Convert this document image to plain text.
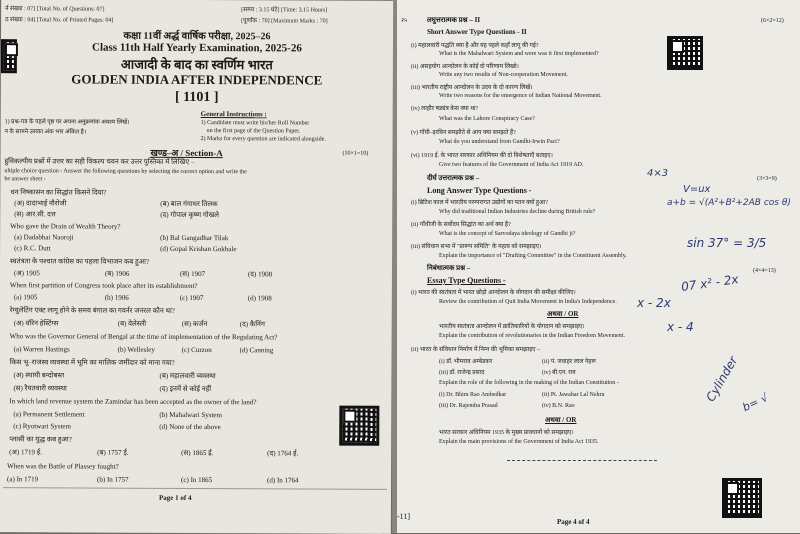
र्न संख्या : 07] [Total No. of Questions: 07]
ठ संख्या : 04] [Total No. of Printed Pages: 04]
[समय : 3.15 घंटे] [Time: 3.15 Hours]
[पूर्णांक : 70] [Maximum Marks : 70]
कक्षा 11वीं अर्द्ध वार्षिक परीक्षा, 2025–26
Class 11th Half Yearly Examination, 2025-26
आजादी के बाद का स्वर्णिम भारत
GOLDEN INDIA AFTER INDEPENDENCE
[ 1101 ]
1) प्रश्न-पत्र के पहले पृष्ठ पर अपना अनुक्रमांक अवश्य लिखें।
न के सामने उसका अंक भार अंकित है।
General Instructions :
1) Candidate must write his/her Roll Number
on the first page of the Question Paper.
2) Marks for every question are indicated alongside.
खण्ड–अ / Section-A	(10×1=10)
हुविकल्पीय प्रश्नों में उत्तर का सही विकल्प चयन कर उत्तर पुस्तिका में लिखिए –
ultiple choice question - Answer the following questions by selecting the correct option and write the
he answer sheet -
धन निष्कासन का सिद्धांत किसने दिया?
(अ) दादाभाई नौरोजी	(ब) बाल गंगाधर तिलक
(स) आर.सी. दत्त	(द) गोपाल कृष्ण गोखले
Who gave the Drain of Wealth Theory?
(a) Dadabhai Naoroji	(b) Bal Gangadhar Tilak
(c) R.C. Dutt	(d) Gopal Krishan Gokhale
स्वतंत्रता के पश्चात कांग्रेस का पहला विभाजन कब हुआ?
(अ) 1905	(ब) 1906	(स) 1907	(द) 1908
When first partition of Congress took place after its establishment?
(a) 1905	(b) 1906	(c) 1907	(d) 1908
रेग्युलेटिंग एक्ट लागू होने के समय बंगाल का गवर्नर जनरल कौन था?
(अ) वॉरेन हेस्टिंग्स	(ब) वेलेस्ली	(स) कर्जन	(द) कैनिंग
Who was the Governor General of Bengal at the time of implementation of the Regulating Act?
(a) Warren Hastings	(b) Wellesley	(c) Curzon	(d) Canning
किस भू–राजस्व व्यवस्था में भूमि का मालिक जमींदार को माना गया?
(अ) स्थायी बन्दोबस्त	(ब) महालवारी व्यवस्था
(स) रैयतवारी व्यवस्था	(द) इनमें से कोई नहीं
In which land revenue system the Zamindar has been accepted as the owner of the land?
(a) Permanent Settlement	(b) Mahalwari System
(c) Ryotwari System	(d) None of the above
प्लासी का युद्ध कब हुआ?
(अ) 1719 ई.	(ब) 1757 ई.	(स) 1865 ई.	(द) 1764 ई.
When was the Battle of Plassey fought?
(a) In 1719	(b) In 1757	(c) In 1865	(d) In 1764
Page 1 of 4
२५	लघुत्तरात्मक प्रश्न – II	(6×2=12)
Short Answer Type Questions - II
(i) महालवारी पद्धति क्या है और यह पहले कहाँ लागू की गई?
What is the Mahalwari System and were was it first implemented?
(ii) असहयोग आन्दोलन के कोई दो परिणाम लिखो।
Write any two results of Non-cooperation Movement.
(iii) भारतीय राष्ट्रीय आन्दोलन के उदय के दो कारण लिखें।
Write two reasons for the emergence of Indian National Movement.
(iv) लाहौर षड्यंत्र केस क्या था?
What was the Lahore Conspiracy Case?
(v) गाँधी–इरविन समझौते से आप क्या समझते हैं?
What do you understand from Gandhi-Irwin Pact?
(vi) 1919 ई. के भारत सरकार अधिनियम की दो विशेषताएँ बताइए।
Give two features of the Government of India Act 1919 AD.
दीर्घ उत्तरात्मक प्रश्न –	(3×3=9)
Long Answer Type Questions -
(i) ब्रिटिश काल में भारतीय परम्परागत उद्योगों का पतन क्यों हुआ?
Why did traditional Indian Industries decline during British rule?
(ii) गाँधीजी के सर्वोदय सिद्धांत का अर्थ क्या है?
What is the concept of Sarvodaya ideology of Gandhi ji?
(iii) संविधान सभा में "प्रारूप समिति" के महत्व को समझाइए।
Explain the importance of "Drafting Committee" in the Constituent Assembly.
निबंधात्मक प्रश्न –	(4×4=13)
Essay Type Questions -
(i) भारत की स्वतंत्रता में भारत छोड़ो आन्दोलन के योगदान की समीक्षा कीजिए।
Review the contribution of Quit India Movement in India's Independence.
अथवा / OR
भारतीय स्वतंत्रता आन्दोलन में क्रांतिकारियों के योगदान को समझाइए।
Explain the contribution of revolutionaries in the Indian Freedom Movement.
(ii) भारत के संविधान निर्माण में निम्न की भूमिका समझाइए –
(i) डॉ. भीमराव अम्बेडकर	(ii) पं. जवाहर लाल नेहरू
(iii) डॉ. राजेन्द्र प्रसाद	(iv) बी.एन. राव
Explain the role of the following in the making of the Indian Constitution -
(i) Dr. Bhim Rao Ambedkar	(ii) Pt. Jawahar Lal Nehru
(iii) Dr. Rajendra Prasad	(iv) B.N. Rao
अथवा / OR
भारत सरकार अधिनियम 1935 के मुख्य प्रावधानों को समझाइए।
Explain the main provisions of the Government of India Act 1935.
-11]
Page 4 of 4
4×3
V=ux
a+b = √(A²+B²+2AB cos θ)
sin 37° = 3/5
07 x² - 2x
x - 2x
x - 4
Cylinder b= √
